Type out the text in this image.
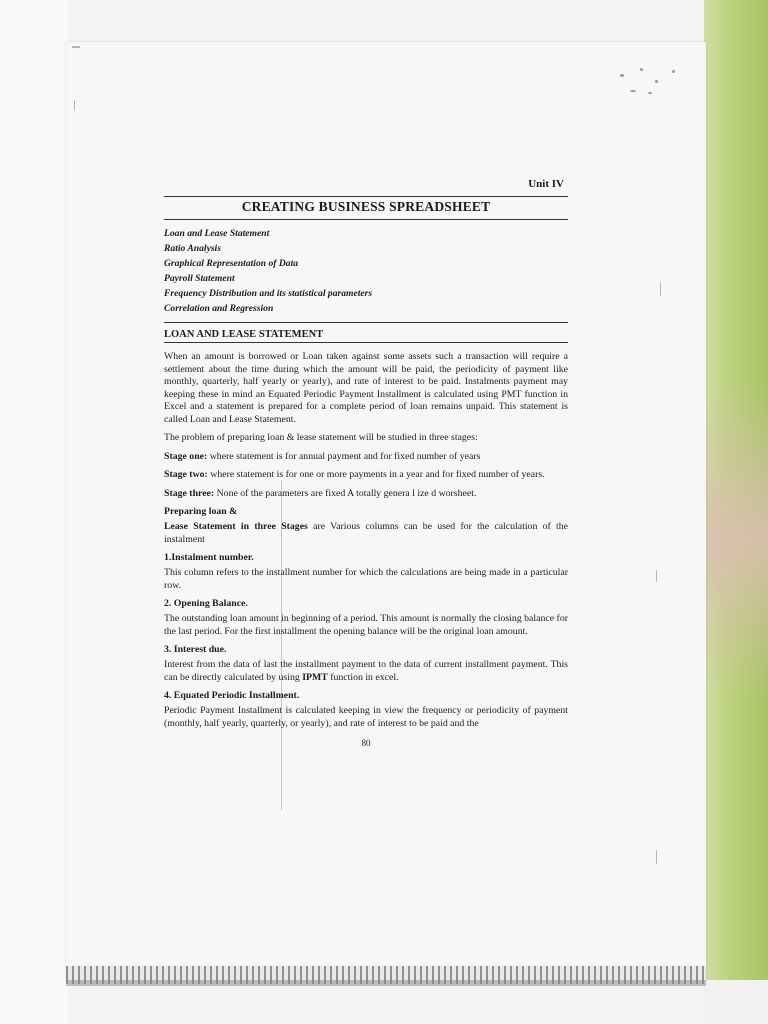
Unit IV
CREATING BUSINESS SPREADSHEET
Loan and Lease Statement
Ratio Analysis
Graphical Representation of Data
Payroll Statement
Frequency Distribution and its statistical parameters
Correlation and Regression
LOAN AND LEASE STATEMENT

When an amount is borrowed or Loan taken against some assets such a transaction will require a settlement about the time during which the amount will be paid, the periodicity of payment like monthly, quarterly, half yearly or yearly), and rate of interest to be paid. Instalments payment may keeping these in mind an Equated Periodic Payment Installment is calculated using PMT function in Excel and a statement is prepared for a complete period of loan remains unpaid. This statement is called Loan and Lease Statement.

The problem of preparing loan & lease statement will be studied in three stages:

Stage one: where statement is for annual payment and for fixed number of years

Stage two: where statement is for one or more payments in a year and for fixed number of years.

Stage three: None of the parameters are fixed A totally genera l ize d worsheet.

Preparing loan &

Lease Statement in three Stages are Various columns can be used for the calculation of the instalment

1.Instalment number.

This column refers to the installment number for which the calculations are being made in a particular row.

2. Opening Balance.

The outstanding loan amount in beginning of a period. This amount is normally the closing balance for the last period. For the first installment the opening balance will be the original loan amount.

3. Interest due.

Interest from the data of last the installment payment to the data of current installment payment. This can be directly calculated by using IPMT function in excel.

4. Equated Periodic Installment.

Periodic Payment Installment is calculated keeping in view the frequency or periodicity of payment (monthly, half yearly, quarterly, or yearly), and rate of interest to be paid and the

80
